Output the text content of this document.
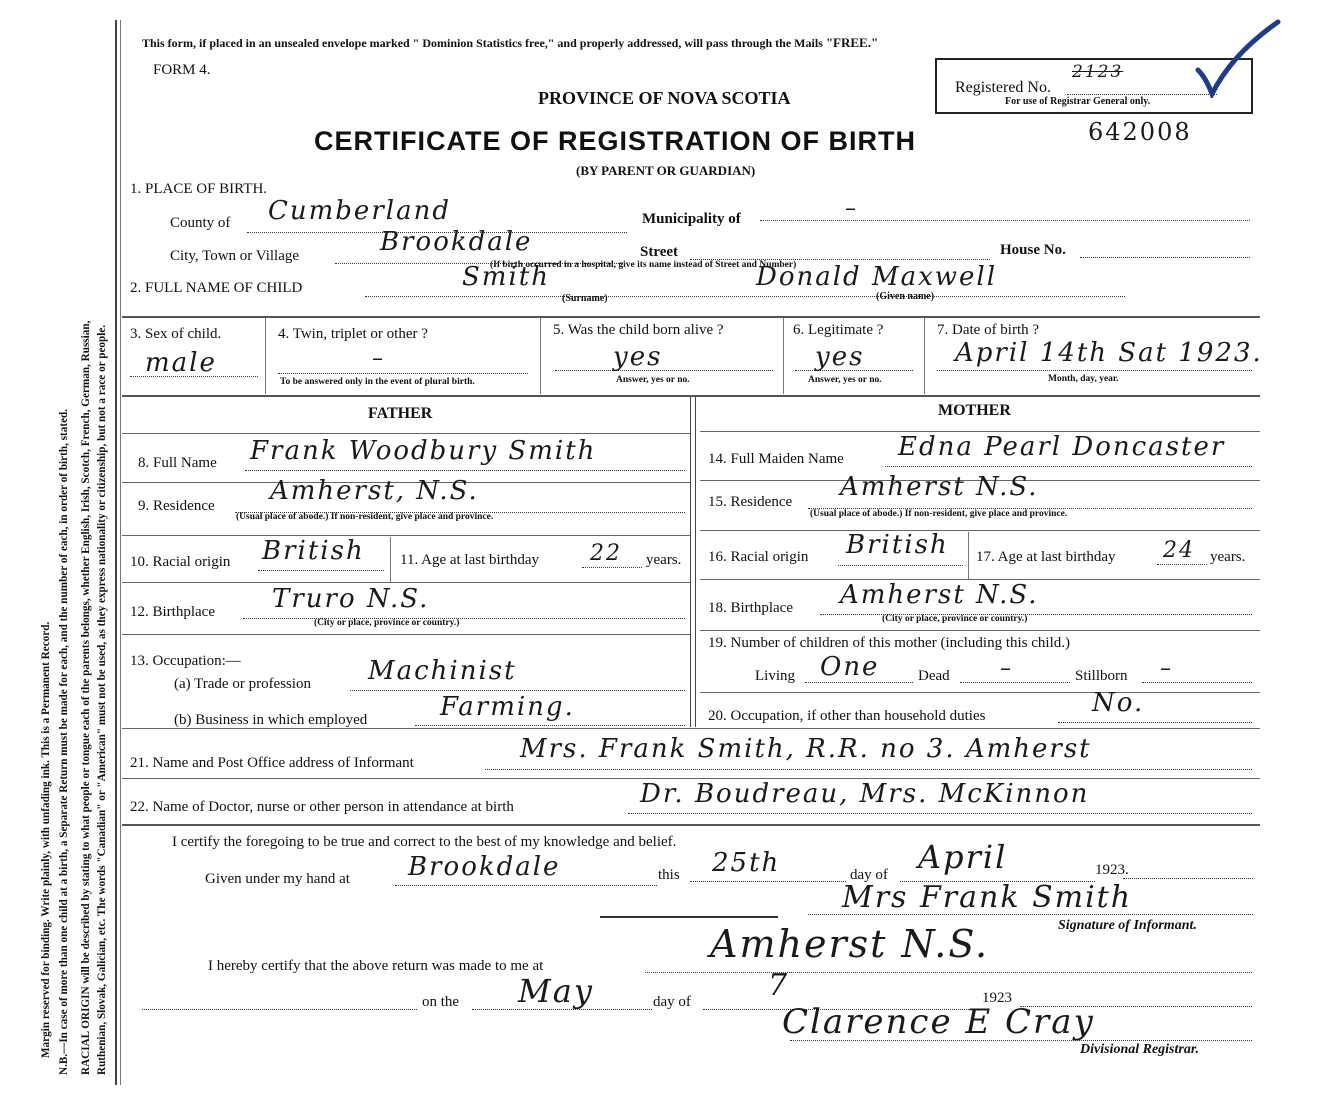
Margin reserved for binding. Write plainly, with unfading ink. This is a Permanent Record. N.B.—In case of more than one child at a birth, a Separate Return must be made for each, and the number of each, in order of birth, stated. RACIAL ORIGIN will be described by stating to what people or tongue each of the parents belongs, whether English, Irish, Scotch, French, German, Russian, Ruthenian, Slovak, Galician, etc. The words "Canadian" or "American" must not be used, as they express nationality or citizenship, but not a race or people.
This form, if placed in an unsealed envelope marked " Dominion Statistics free," and properly addressed, will pass through the Mails "FREE."
FORM 4.
PROVINCE OF NOVA SCOTIA
CERTIFICATE OF REGISTRATION OF BIRTH
(BY PARENT OR GUARDIAN)
642008
Registered No.
2123
For use of Registrar General only.
1. PLACE OF BIRTH.
County of Cumberland	Municipality of	–
City, Town or Village	Brookdale	Street
(If birth occurred in a hospital, give its name instead of Street and Number)
House No.
2. FULL NAME OF CHILD	Smith
(Surname)
Donald Maxwell
(Given name)
3. Sex of child.
male
4. Twin, triplet or other ?
–
To be answered only in the event of plural birth.
5. Was the child born alive ?
yes
Answer, yes or no.
6. Legitimate ?
yes
Answer, yes or no.
7. Date of birth ?
April 14th Sat 1923.
Month, day, year.
FATHER	MOTHER
8. Full Name Frank Woodbury Smith
9. Residence Amherst, N.S.
(Usual place of abode.) If non-resident, give place and province.
10. Racial origin British 11. Age at last birthday 22 years.
12. Birthplace Truro N.S.
(City or place, province or country.)
13. Occupation:—
(a) Trade or profession Machinist
(b) Business in which employed	Farming.
14. Full Maiden Name Edna Pearl Doncaster
15. Residence Amherst N.S.
(Usual place of abode.) If non-resident, give place and province.
16. Racial origin British 17. Age at last birthday 24 years.
18. Birthplace Amherst N.S.
(City or place, province or country.)
19. Number of children of this mother (including this child.)
Living One	Dead –	Stillborn –
20. Occupation, if other than household duties	No.
21. Name and Post Office address of Informant	Mrs. Frank Smith, R.R. no 3. Amherst
22. Name of Doctor, nurse or other person in attendance at birth	Dr. Boudreau, Mrs. McKinnon
I certify the foregoing to be true and correct to the best of my knowledge and belief.
Given under my hand at Brookdale	this 25th	day of April	1923.
Mrs Frank Smith
Signature of Informant.
I hereby certify that the above return was made to me at	Amherst N.S.
on the May	day of	7	1923
Clarence E Cray
Divisional Registrar.
